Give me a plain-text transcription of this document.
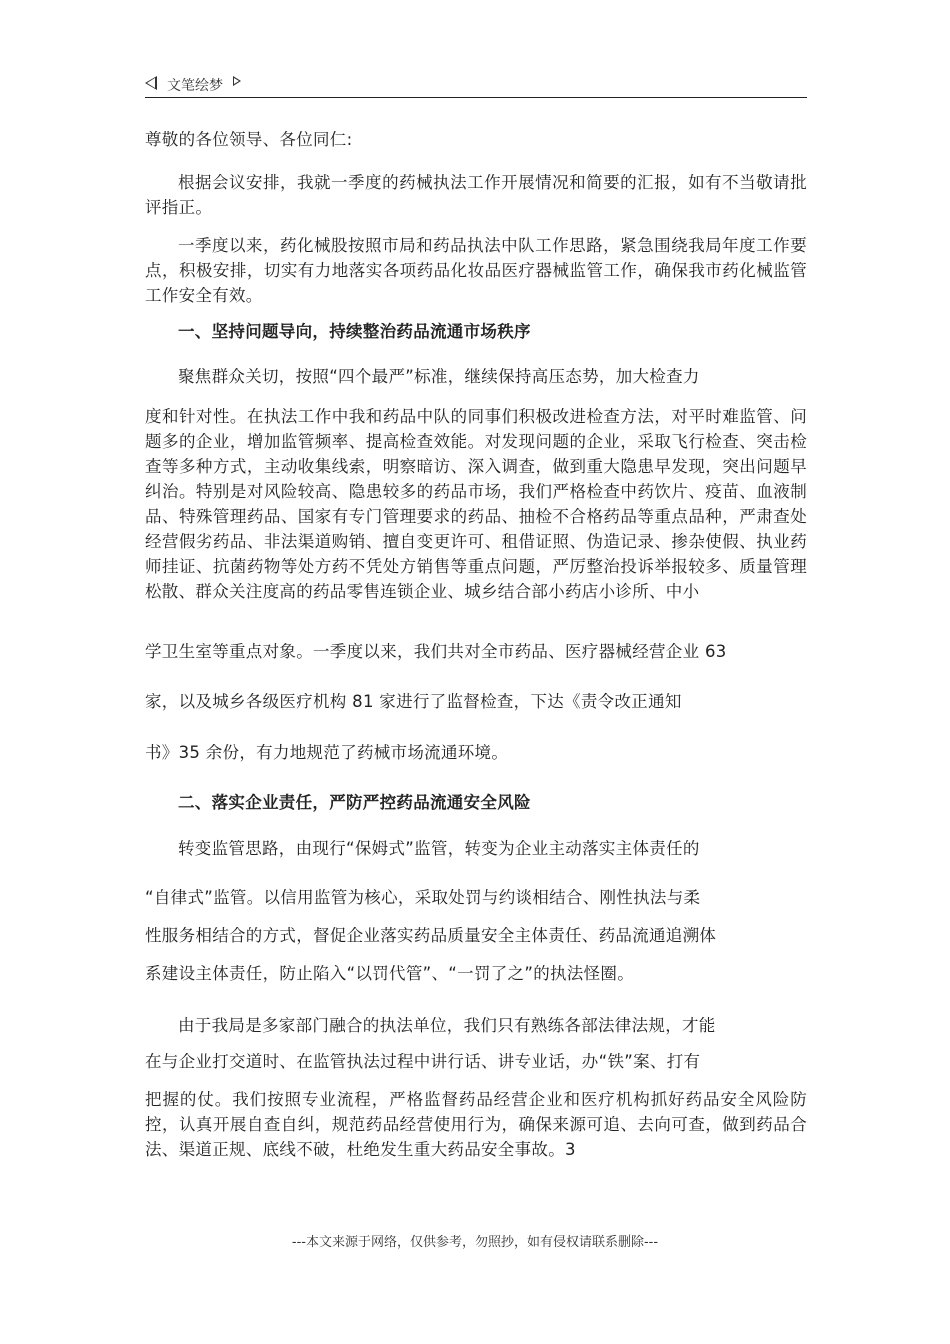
文笔绘梦
尊敬的各位领导、各位同仁:

根据会议安排，我就一季度的药械执法工作开展情况和简要的汇报，如有不当敬请批评指正。

一季度以来，药化械股按照市局和药品执法中队工作思路，紧急围绕我局年度工作要点，积极安排，切实有力地落实各项药品化妆品医疗器械监管工作，确保我市药化械监管工作安全有效。

一、坚持问题导向，持续整治药品流通市场秩序

聚焦群众关切，按照“四个最严”标准，继续保持高压态势，加大检查力

度和针对性。在执法工作中我和药品中队的同事们积极改进检查方法，对平时难监管、问题多的企业，增加监管频率、提高检查效能。对发现问题的企业，采取飞行检查、突击检查等多种方式，主动收集线索，明察暗访、深入调查，做到重大隐患早发现，突出问题早纠治。特别是对风险较高、隐患较多的药品市场，我们严格检查中药饮片、疫苗、血液制品、特殊管理药品、国家有专门管理要求的药品、抽检不合格药品等重点品种，严肃查处经营假劣药品、非法渠道购销、擅自变更许可、租借证照、伪造记录、掺杂使假、执业药师挂证、抗菌药物等处方药不凭处方销售等重点问题，严厉整治投诉举报较多、质量管理松散、群众关注度高的药品零售连锁企业、城乡结合部小药店小诊所、中小

学卫生室等重点对象。一季度以来，我们共对全市药品、医疗器械经营企业 63

家，以及城乡各级医疗机构 81 家进行了监督检查，下达《责令改正通知

书》35 余份，有力地规范了药械市场流通环境。

二、落实企业责任，严防严控药品流通安全风险

转变监管思路，由现行“保姆式”监管，转变为企业主动落实主体责任的

“自律式”监管。以信用监管为核心，采取处罚与约谈相结合、刚性执法与柔

性服务相结合的方式，督促企业落实药品质量安全主体责任、药品流通追溯体

系建设主体责任，防止陷入“以罚代管”、“一罚了之”的执法怪圈。

由于我局是多家部门融合的执法单位，我们只有熟练各部法律法规，才能

在与企业打交道时、在监管执法过程中讲行话、讲专业话，办“铁”案、打有

把握的仗。我们按照专业流程，严格监督药品经营企业和医疗机构抓好药品安全风险防控，认真开展自查自纠，规范药品经营使用行为，确保来源可追、去向可查，做到药品合法、渠道正规、底线不破，杜绝发生重大药品安全事故。3

---本文来源于网络，仅供参考，勿照抄，如有侵权请联系删除---
